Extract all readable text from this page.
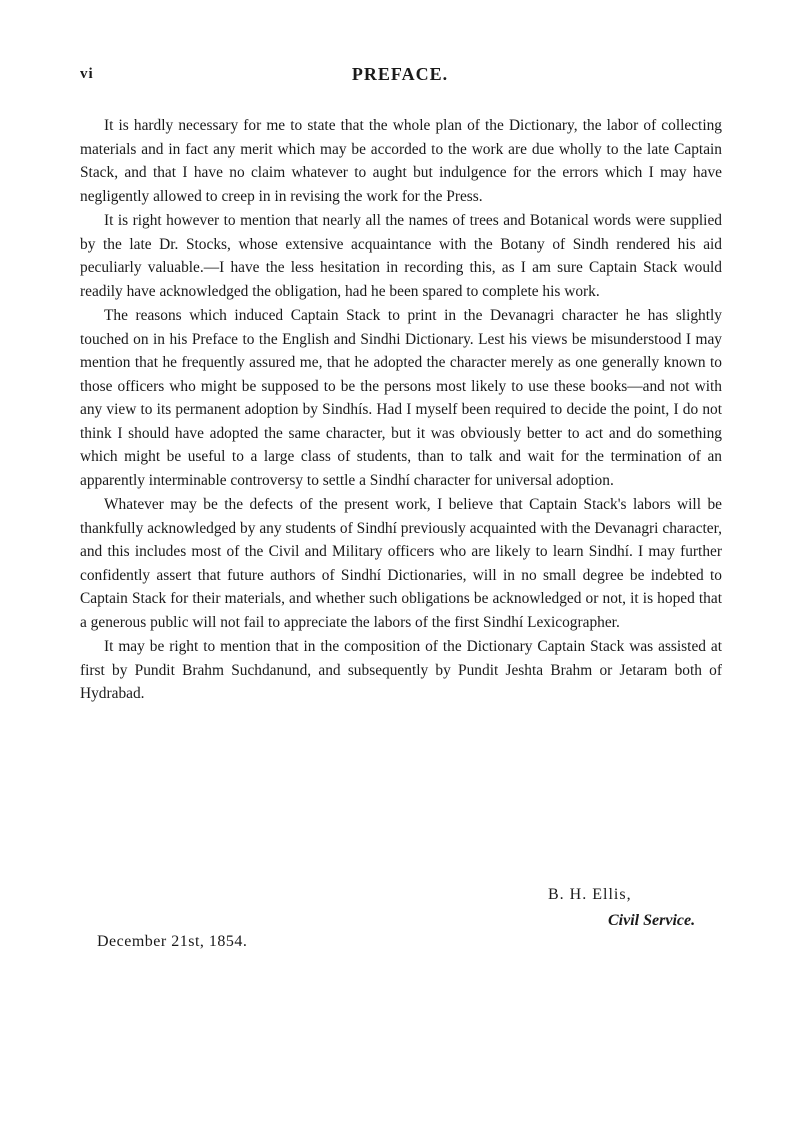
vi	PREFACE.

It is hardly necessary for me to state that the whole plan of the Dictionary, the labor of collecting materials and in fact any merit which may be accorded to the work are due wholly to the late Captain Stack, and that I have no claim whatever to aught but indulgence for the errors which I may have negligently allowed to creep in in revising the work for the Press.

It is right however to mention that nearly all the names of trees and Botanical words were supplied by the late Dr. Stocks, whose extensive acquaintance with the Botany of Sindh rendered his aid peculiarly valuable.—I have the less hesitation in recording this, as I am sure Captain Stack would readily have acknowledged the obligation, had he been spared to complete his work.

The reasons which induced Captain Stack to print in the Devanagri character he has slightly touched on in his Preface to the English and Sindhi Dictionary. Lest his views be misunderstood I may mention that he frequently assured me, that he adopted the character merely as one generally known to those officers who might be supposed to be the persons most likely to use these books—and not with any view to its permanent adoption by Sindhís. Had I myself been required to decide the point, I do not think I should have adopted the same character, but it was obviously better to act and do something which might be useful to a large class of students, than to talk and wait for the termination of an apparently interminable controversy to settle a Sindhí character for universal adoption.

Whatever may be the defects of the present work, I believe that Captain Stack's labors will be thankfully acknowledged by any students of Sindhí previously acquainted with the Devanagri character, and this includes most of the Civil and Military officers who are likely to learn Sindhí. I may further confidently assert that future authors of Sindhí Dictionaries, will in no small degree be indebted to Captain Stack for their materials, and whether such obligations be acknowledged or not, it is hoped that a generous public will not fail to appreciate the labors of the first Sindhí Lexicographer.

It may be right to mention that in the composition of the Dictionary Captain Stack was assisted at first by Pundit Brahm Suchdanund, and subsequently by Pundit Jeshta Brahm or Jetaram both of Hydrabad.

B. H. Ellis,
Civil Service.
December 21st, 1854.
